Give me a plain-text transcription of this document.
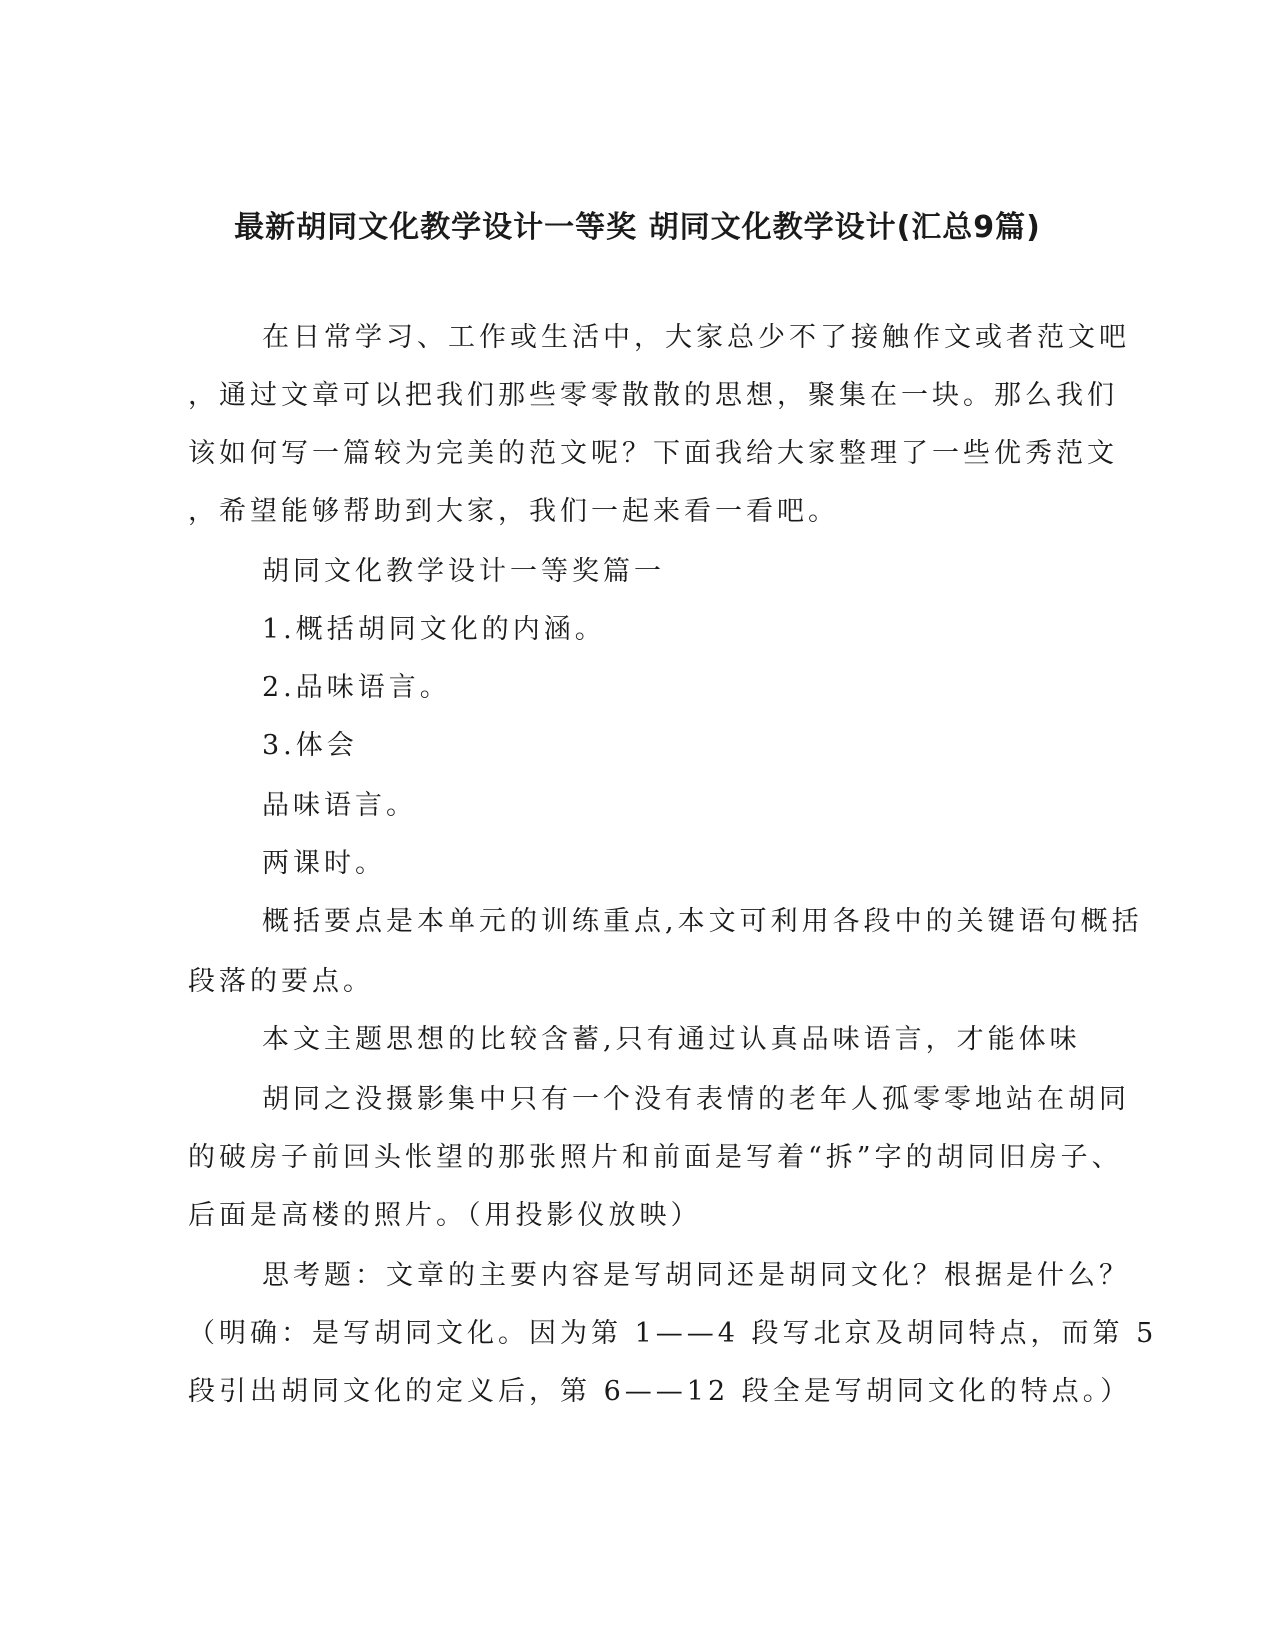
最新胡同文化教学设计一等奖 胡同文化教学设计(汇总9篇)
在日常学习、工作或生活中，大家总少不了接触作文或者范文吧
，通过文章可以把我们那些零零散散的思想，聚集在一块。那么我们
该如何写一篇较为完美的范文呢？下面我给大家整理了一些优秀范文
，希望能够帮助到大家，我们一起来看一看吧。
胡同文化教学设计一等奖篇一
1.概括胡同文化的内涵。
2.品味语言。
3.体会
品味语言。
两课时。
概括要点是本单元的训练重点,本文可利用各段中的关键语句概括
段落的要点。
本文主题思想的比较含蓄,只有通过认真品味语言，才能体味
胡同之没摄影集中只有一个没有表情的老年人孤零零地站在胡同
的破房子前回头怅望的那张照片和前面是写着“拆”字的胡同旧房子、
后面是高楼的照片。（用投影仪放映）
思考题：文章的主要内容是写胡同还是胡同文化？根据是什么？
（明确：是写胡同文化。因为第 1——4 段写北京及胡同特点，而第 5
段引出胡同文化的定义后，第 6——12 段全是写胡同文化的特点。）
